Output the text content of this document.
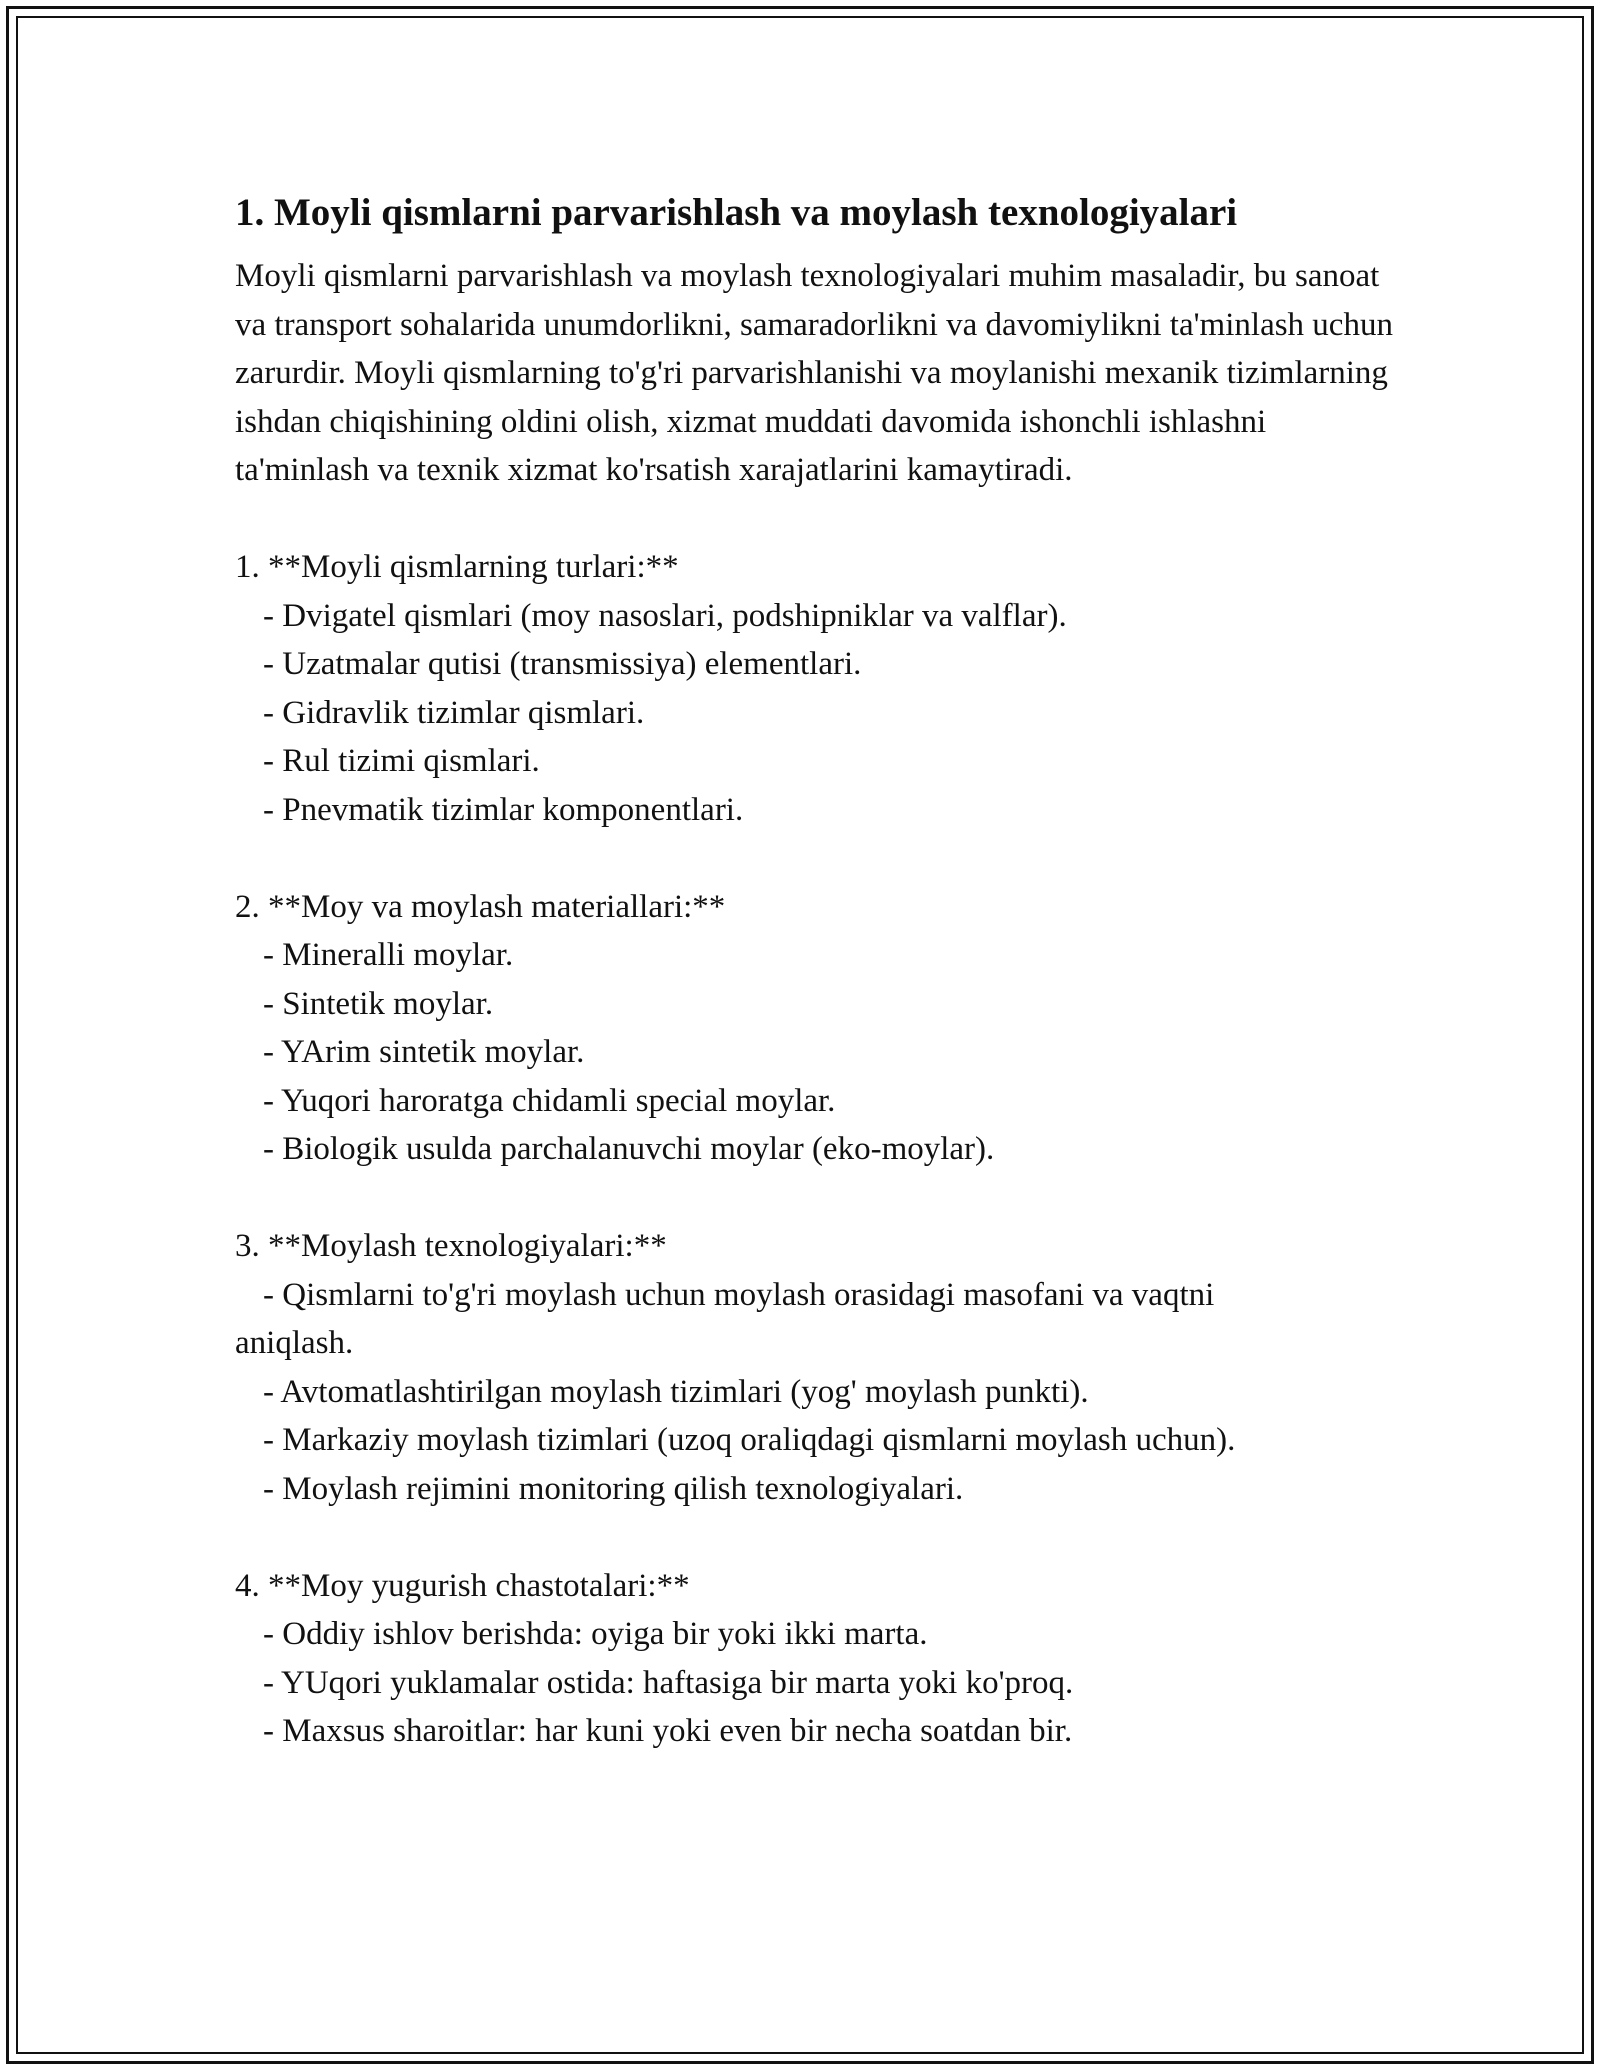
1. Moyli qismlarni parvarishlash va moylash texnologiyalari

Moyli qismlarni parvarishlash va moylash texnologiyalari muhim masaladir, bu sanoat va transport sohalarida unumdorlikni, samaradorlikni va davomiylikni ta'minlash uchun zarurdir. Moyli qismlarning to'g'ri parvarishlanishi va moylanishi mexanik tizimlarning ishdan chiqishining oldini olish, xizmat muddati davomida ishonchli ishlashni ta'minlash va texnik xizmat ko'rsatish xarajatlarini kamaytiradi.

1. **Moyli qismlarning turlari:**

- Dvigatel qismlari (moy nasoslari, podshipniklar va valflar).

- Uzatmalar qutisi (transmissiya) elementlari.

- Gidravlik tizimlar qismlari.

- Rul tizimi qismlari.

- Pnevmatik tizimlar komponentlari.

2. **Moy va moylash materiallari:**

- Mineralli moylar.

- Sintetik moylar.

- YArim sintetik moylar.

- Yuqori haroratga chidamli special moylar.

- Biologik usulda parchalanuvchi moylar (eko-moylar).

3. **Moylash texnologiyalari:**

- Qismlarni to'g'ri moylash uchun moylash orasidagi masofani va vaqtni

aniqlash.

- Avtomatlashtirilgan moylash tizimlari (yog' moylash punkti).

- Markaziy moylash tizimlari (uzoq oraliqdagi qismlarni moylash uchun).

- Moylash rejimini monitoring qilish texnologiyalari.

4. **Moy yugurish chastotalari:**

- Oddiy ishlov berishda: oyiga bir yoki ikki marta.

- YUqori yuklamalar ostida: haftasiga bir marta yoki ko'proq.

- Maxsus sharoitlar: har kuni yoki even bir necha soatdan bir.
